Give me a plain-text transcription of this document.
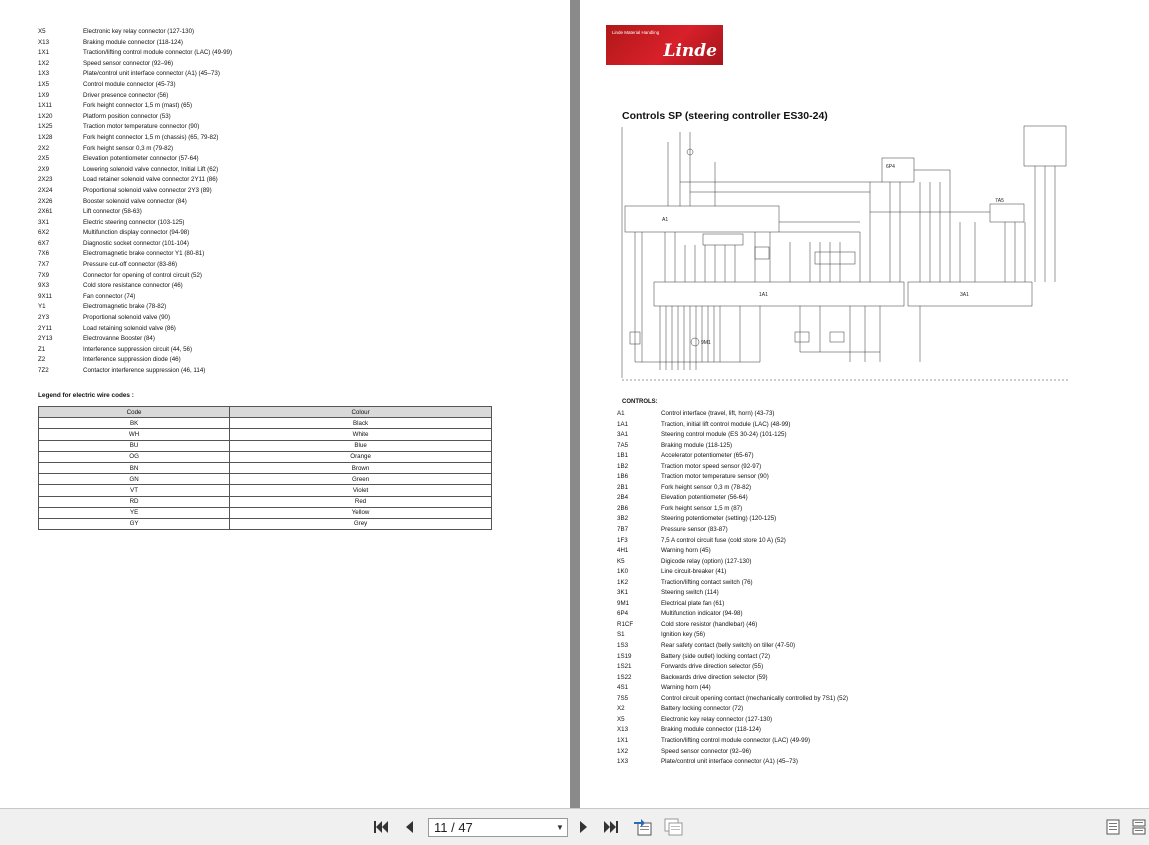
X5	Electronic key relay connector (127-130)
X13	Braking module connector (118-124)
1X1	Traction/lifting control module connector (LAC) (49-99)
1X2	Speed sensor connector (92–96)
1X3	Plate/control unit interface connector (A1) (45–73)
1X5	Control module connector (45-73)
1X9	Driver presence connector (56)
1X11	Fork height connector 1,5 m (mast) (65)
1X20	Platform position connector (53)
1X25	Traction motor temperature connector (90)
1X28	Fork height connector 1,5 m (chassis) (65, 79-82)
2X2	Fork height sensor 0,3 m (79-82)
2X5	Elevation potentiometer connector (57-64)
2X9	Lowering solenoid valve connector, Initial Lift (62)
2X23	Load retainer solenoid valve connector 2Y11 (86)
2X24	Proportional solenoid valve connector 2Y3 (89)
2X26	Booster solenoid valve connector (84)
2X61	Lift connector (58-63)
3X1	Electric steering connector (103-125)
6X2	Multifunction display connector (94-98)
6X7	Diagnostic socket connector (101-104)
7X6	Electromagnetic brake connector Y1 (80-81)
7X7	Pressure cut-off connector (83-86)
7X9	Connector for opening of control circuit (52)
9X3	Cold store resistance connector (46)
9X11	Fan connector (74)
Y1	Electromagnetic brake (78-82)
2Y3	Proportional solenoid valve (90)
2Y11	Load retaining solenoid valve (86)
2Y13	Electrovanne Booster (84)
Z1	Interference suppression circuit (44, 56)
Z2	Interference suppression diode (46)
7Z2	Contactor interference suppression (46, 114)
Legend for electric wire codes :
Code	Colour
BK	Black
WH	White
BU	Blue
OG	Orange
BN	Brown
GN	Green
VT	Violet
RD	Red
YE	Yellow
GY	Grey
Linde Material Handling
Linde
Controls SP (steering controller ES30-24)
1A1	3A1
A1
6P4
7A5
9M1
CONTROLS:
A1	Control interface (travel, lift, horn) (43-73)
1A1	Traction, initial lift control module (LAC) (48-99)
3A1	Steering control module (ES 30-24) (101-125)
7A5	Braking module (118-125)
1B1	Accelerator potentiometer (65-67)
1B2	Traction motor speed sensor (92-97)
1B6	Traction motor temperature sensor (90)
2B1	Fork height sensor 0,3 m (78-82)
2B4	Elevation potentiometer (56-64)
2B6	Fork height sensor 1,5 m (87)
3B2	Steering potentiometer (setting) (120-125)
7B7	Pressure sensor (83-87)
1F3	7,5 A control circuit fuse (cold store 10 A) (52)
4H1	Warning horn (45)
K5	Digicode relay (option) (127-130)
1K0	Line circuit-breaker (41)
1K2	Traction/lifting contact switch (76)
3K1	Steering switch (114)
9M1	Electrical plate fan (61)
6P4	Multifunction indicator (94-98)
R1CF	Cold store resistor (handlebar) (46)
S1	Ignition key (56)
1S3	Rear safety contact (belly switch) on tiller (47-50)
1S19	Battery (side outlet) locking contact (72)
1S21	Forwards drive direction selector (55)
1S22	Backwards drive direction selector (59)
4S1	Warning horn (44)
7S5	Control circuit opening contact (mechanically controlled by 7S1) (52)
X2	Battery locking connector (72)
X5	Electronic key relay connector (127-130)
X13	Braking module connector (118-124)
1X1	Traction/lifting control module connector (LAC) (49-99)
1X2	Speed sensor connector (92–96)
1X3	Plate/control unit interface connector (A1) (45–73)
11 / 47	▼
